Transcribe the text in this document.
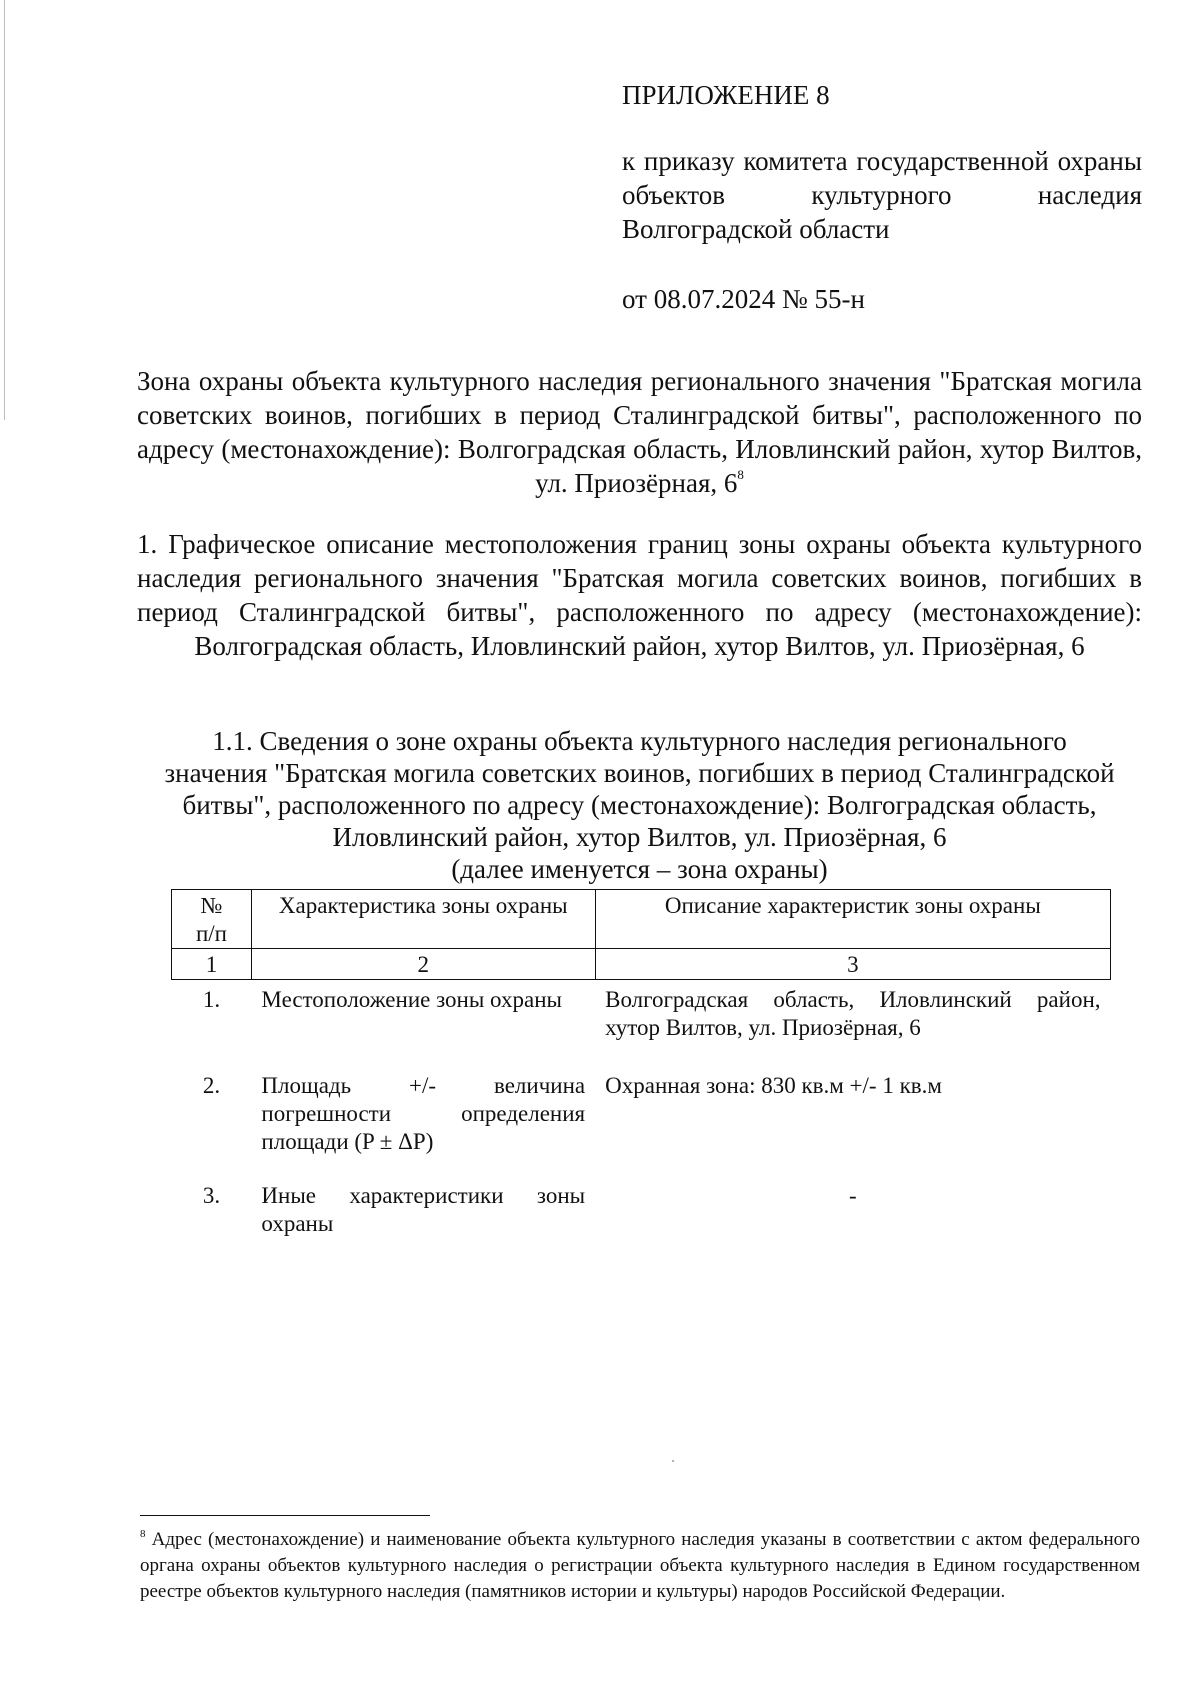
ПРИЛОЖЕНИЕ 8

к приказу комитета государственной охраны объектов культурного наследия Волгоградской области

от 08.07.2024 № 55-н

Зона охраны объекта культурного наследия регионального значения "Братская могила советских воинов, погибших в период Сталинградской битвы", расположенного по адресу (местонахождение): Волгоградская область, Иловлинский район, хутор Вилтов, ул. Приозёрная, $6^8$

1. Графическое описание местоположения границ зоны охраны объекта культурного наследия регионального значения "Братская могила советских воинов, погибших в период Сталинградской битвы", расположенного по адресу (местонахождение): Волгоградская область, Иловлинский район, хутор Вилтов, ул. Приозёрная, 6

1.1. Сведения о зоне охраны объекта культурного наследия регионального
значения "Братская могила советских воинов, погибших в период Сталинградской
битвы", расположенного по адресу (местонахождение): Волгоградская область,
Иловлинский район, хутор Вилтов, ул. Приозёрная, 6
(далее именуется – зона охраны)
№
п/п	Характеристика зоны охраны	Описание характеристик зоны охраны
1	2	3
1.	Местоположение зоны охраны	Волгоградская область, Иловлинский район, хутор Вилтов, ул. Приозёрная, 6
2.	Площадь +/- величина
погрешности определения
площади (P ± ΔP)	Охранная зона: 830 кв.м +/- 1 кв.м
3.	Иные характеристики зоны
охраны	-

$^8$ Адрес (местонахождение) и наименование объекта культурного наследия указаны в соответствии с актом федерального органа охраны объектов культурного наследия о регистрации объекта культурного наследия в Едином государственном реестре объектов культурного наследия (памятников истории и культуры) народов Российской Федерации.
